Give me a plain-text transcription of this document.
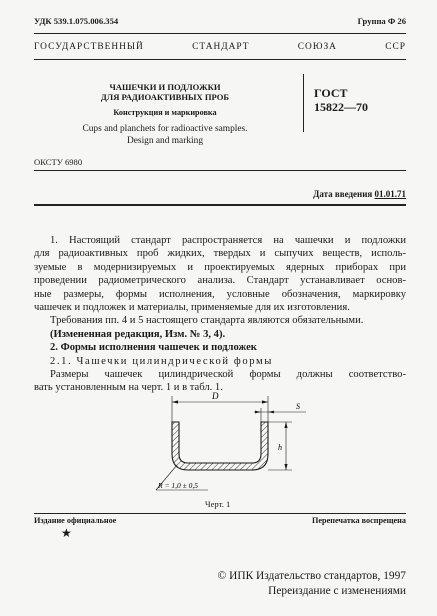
УДК 539.1.075.006.354	Группа Ф 26
ГОСУДАРСТВЕННЫЙ СТАНДАРТ СОЮЗА ССР
ЧАШЕЧКИ И ПОДЛОЖКИ
ДЛЯ РАДИОАКТИВНЫХ ПРОБ
Конструкция и маркировка
Cups and planchets for radioactive samples.
Design and marking
ГОСТ
15822—70
ОКСТУ 6980
Дата введения 01.01.71

1. Настоящий стандарт распространяется на чашечки и подложки

для радиоактивных проб жидких, твердых и сыпучих веществ, исполь-

зуемые в модернизируемых и проектируемых ядерных приборах при

проведении радиометрического анализа. Стандарт устанавливает основ-

ные размеры, формы исполнения, условные обозначения, маркировку

чашечек и подложек и материалы, применяемые для их изготовления.

Требования пп. 4 и 5 настоящего стандарта являются обязательными.

(Измененная редакция, Изм. № 3, 4).

2. Формы исполнения чашечек и подложек

2.1. Чашечки цилиндрической формы

Размеры чашечек цилиндрической формы должны соответство-

вать установленным на черт. 1 и в табл. 1.

D
S
h
R = 1,0 ± 0,5
Черт. 1
Издание официальное
★
Перепечатка воспрещена
© ИПК Издательство стандартов, 1997
Переиздание с изменениями
